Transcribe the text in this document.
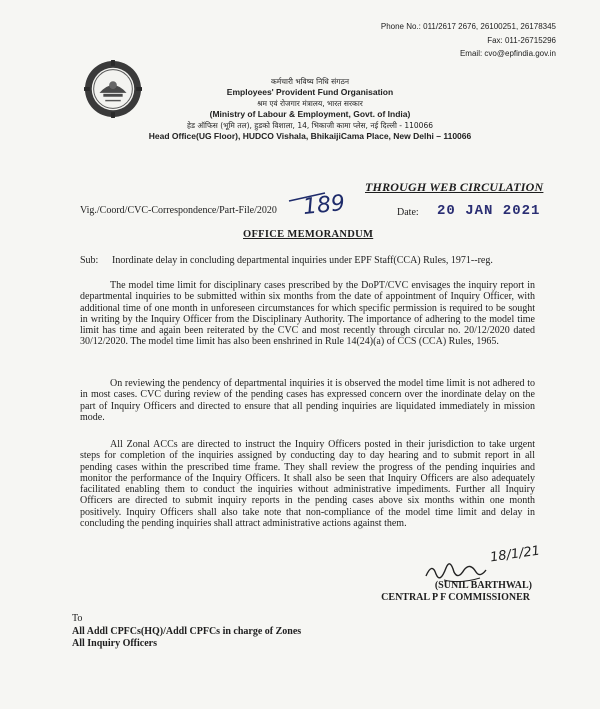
Phone No.: 011/2617 2676, 26100251, 26178345
Fax: 011-26715296
Email: cvo@epfindia.gov.in
कर्मचारी भविष्य निधि संगठन
Employees' Provident Fund Organisation
श्रम एवं रोजगार मंत्रालय, भारत सरकार
(Ministry of Labour & Employment, Govt. of India)
हेड ऑफिस (भूमि तल), हुडको विशाला, 14, भिकाजी कामा प्लेस, नई दिल्ली - 110066
Head Office(UG Floor), HUDCO Vishala, BhikaijiCama Place, New Delhi – 110066
THROUGH WEB CIRCULATION
Vig./Coord/CVC-Correspondence/Part-File/2020 189	Date: 20 JAN 2021
OFFICE MEMORANDUM
Sub: Inordinate delay in concluding departmental inquiries under EPF Staff(CCA) Rules, 1971--reg.

The model time limit for disciplinary cases prescribed by the DoPT/CVC envisages the inquiry report in departmental inquiries to be submitted within six months from the date of appointment of Inquiry Officer, with additional time of one month in unforeseen circumstances for which specific permission is required to be sought in writing by the Inquiry Officer from the Disciplinary Authority. The importance of adhering to the model time limit has time and again been reiterated by the CVC and most recently through circular no. 20/12/2020 dated 30/12/2020. The model time limit has also been enshrined in Rule 14(24)(a) of CCS (CCA) Rules, 1965.

On reviewing the pendency of departmental inquiries it is observed the model time limit is not adhered to in most cases. CVC during review of the pending cases has expressed concern over the inordinate delay on the part of Inquiry Officers and directed to ensure that all pending inquiries are liquidated immediately in mission mode.

All Zonal ACCs are directed to instruct the Inquiry Officers posted in their jurisdiction to take urgent steps for completion of the inquiries assigned by conducting day to day hearing and to submit report in all pending cases within the prescribed time frame. They shall review the progress of the pending inquiries and monitor the performance of the Inquiry Officers. It shall also be seen that Inquiry Officers are also adequately facilitated enabling them to conduct the inquiries without administrative impediments. Further all Inquiry Officers are directed to submit inquiry reports in the pending cases above six months within one month positively. Inquiry Officers shall also take note that non-compliance of the model time limit and delay in concluding the pending inquiries shall attract administrative actions against them.

18/1/21
(SUNIL BARTHWAL)
CENTRAL P F COMMISSIONER
To
All Addl CPFCs(HQ)/Addl CPFCs in charge of Zones
All Inquiry Officers
